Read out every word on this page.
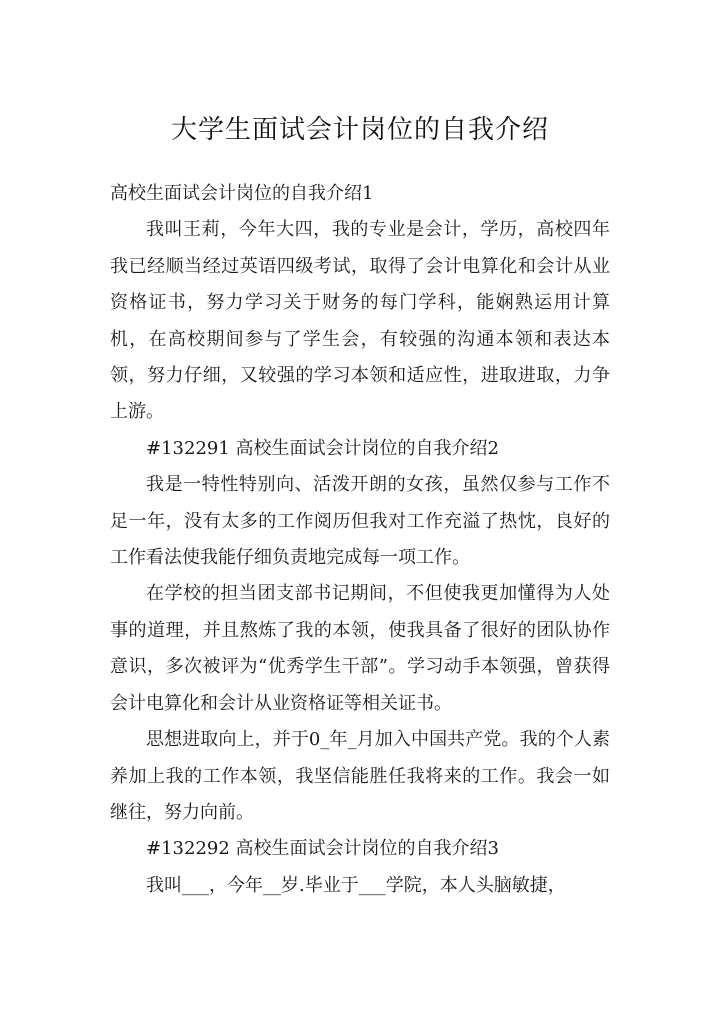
大学生面试会计岗位的自我介绍

高校生面试会计岗位的自我介绍1

我叫王莉，今年大四，我的专业是会计，学历，高校四年我已经顺当经过英语四级考试，取得了会计电算化和会计从业资格证书，努力学习关于财务的每门学科，能娴熟运用计算机，在高校期间参与了学生会，有较强的沟通本领和表达本领，努力仔细，又较强的学习本领和适应性，进取进取，力争上游。

#132291 高校生面试会计岗位的自我介绍2

我是一特性特别向、活泼开朗的女孩，虽然仅参与工作不足一年，没有太多的工作阅历但我对工作充溢了热忱，良好的工作看法使我能仔细负责地完成每一项工作。

在学校的担当团支部书记期间，不但使我更加懂得为人处事的道理，并且熬炼了我的本领，使我具备了很好的团队协作意识，多次被评为“优秀学生干部”。学习动手本领强，曾获得会计电算化和会计从业资格证等相关证书。

思想进取向上，并于0_年_月加入中国共产党。我的个人素养加上我的工作本领，我坚信能胜任我将来的工作。我会一如继往，努力向前。

#132292 高校生面试会计岗位的自我介绍3

我叫___，今年__岁.毕业于___学院，本人头脑敏捷，
